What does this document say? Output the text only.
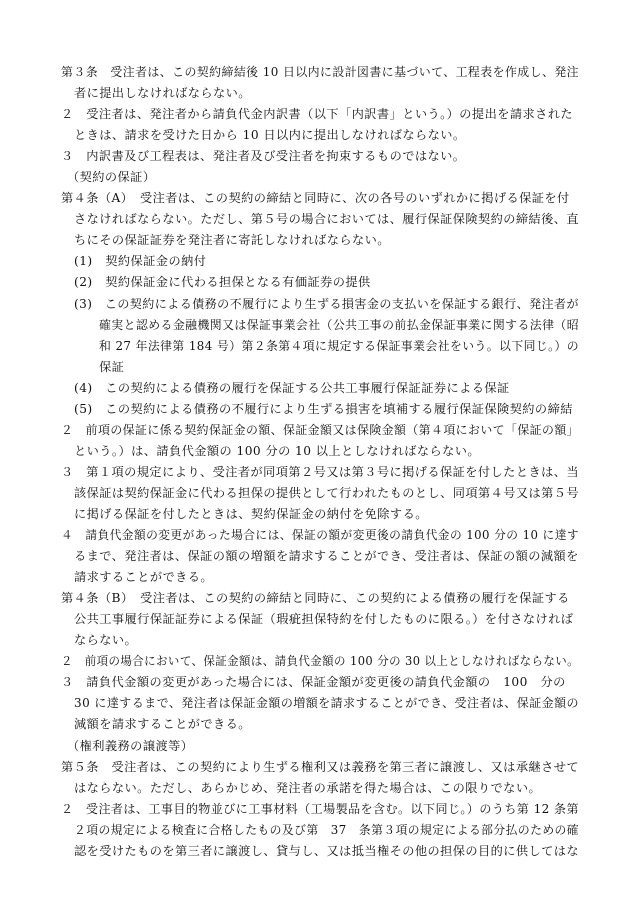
第３条　受注者は、この契約締結後 10 日以内に設計図書に基づいて、工程表を作成し、発注
者に提出しなければならない。
２　受注者は、発注者から請負代金内訳書（以下「内訳書」という。）の提出を請求された
ときは、請求を受けた日から 10 日以内に提出しなければならない。
３　内訳書及び工程表は、発注者及び受注者を拘束するものではない。
（契約の保証）
第４条（A）　受注者は、この契約の締結と同時に、次の各号のいずれかに掲げる保証を付
さなければならない。ただし、第５号の場合においては、履行保証保険契約の締結後、直
ちにその保証証券を発注者に寄託しなければならない。
(1)　契約保証金の納付
(2)　契約保証金に代わる担保となる有価証券の提供
(3)　この契約による債務の不履行により生ずる損害金の支払いを保証する銀行、発注者が
確実と認める金融機関又は保証事業会社（公共工事の前払金保証事業に関する法律（昭
和 27 年法律第 184 号）第２条第４項に規定する保証事業会社をいう。以下同じ。）の
保証
(4)　この契約による債務の履行を保証する公共工事履行保証証券による保証
(5)　この契約による債務の不履行により生ずる損害を填補する履行保証保険契約の締結
２　前項の保証に係る契約保証金の額、保証金額又は保険金額（第４項において「保証の額」
という。）は、請負代金額の 100 分の 10 以上としなければならない。
３　第１項の規定により、受注者が同項第２号又は第３号に掲げる保証を付したときは、当
該保証は契約保証金に代わる担保の提供として行われたものとし、同項第４号又は第５号
に掲げる保証を付したときは、契約保証金の納付を免除する。
４　請負代金額の変更があった場合には、保証の額が変更後の請負代金の 100 分の 10 に達す
るまで、発注者は、保証の額の増額を請求することができ、受注者は、保証の額の減額を
請求することができる。
第４条（B）　受注者は、この契約の締結と同時に、この契約による債務の履行を保証する
公共工事履行保証証券による保証（瑕疵担保特約を付したものに限る。）を付さなければ
ならない。
２　前項の場合において、保証金額は、請負代金額の 100 分の 30 以上としなければならない。
３　請負代金額の変更があった場合には、保証金額が変更後の請負代金額の　100　分の
30 に達するまで、発注者は保証金額の増額を請求することができ、受注者は、保証金額の
減額を請求することができる。
（権利義務の譲渡等）
第５条　受注者は、この契約により生ずる権利又は義務を第三者に譲渡し、又は承継させて
はならない。ただし、あらかじめ、発注者の承諾を得た場合は、この限りでない。
２　受注者は、工事目的物並びに工事材料（工場製品を含む。以下同じ。）のうち第 12 条第
２項の規定による検査に合格したもの及び第　37　条第３項の規定による部分払のための確
認を受けたものを第三者に譲渡し、貸与し、又は抵当権その他の担保の目的に供してはな
